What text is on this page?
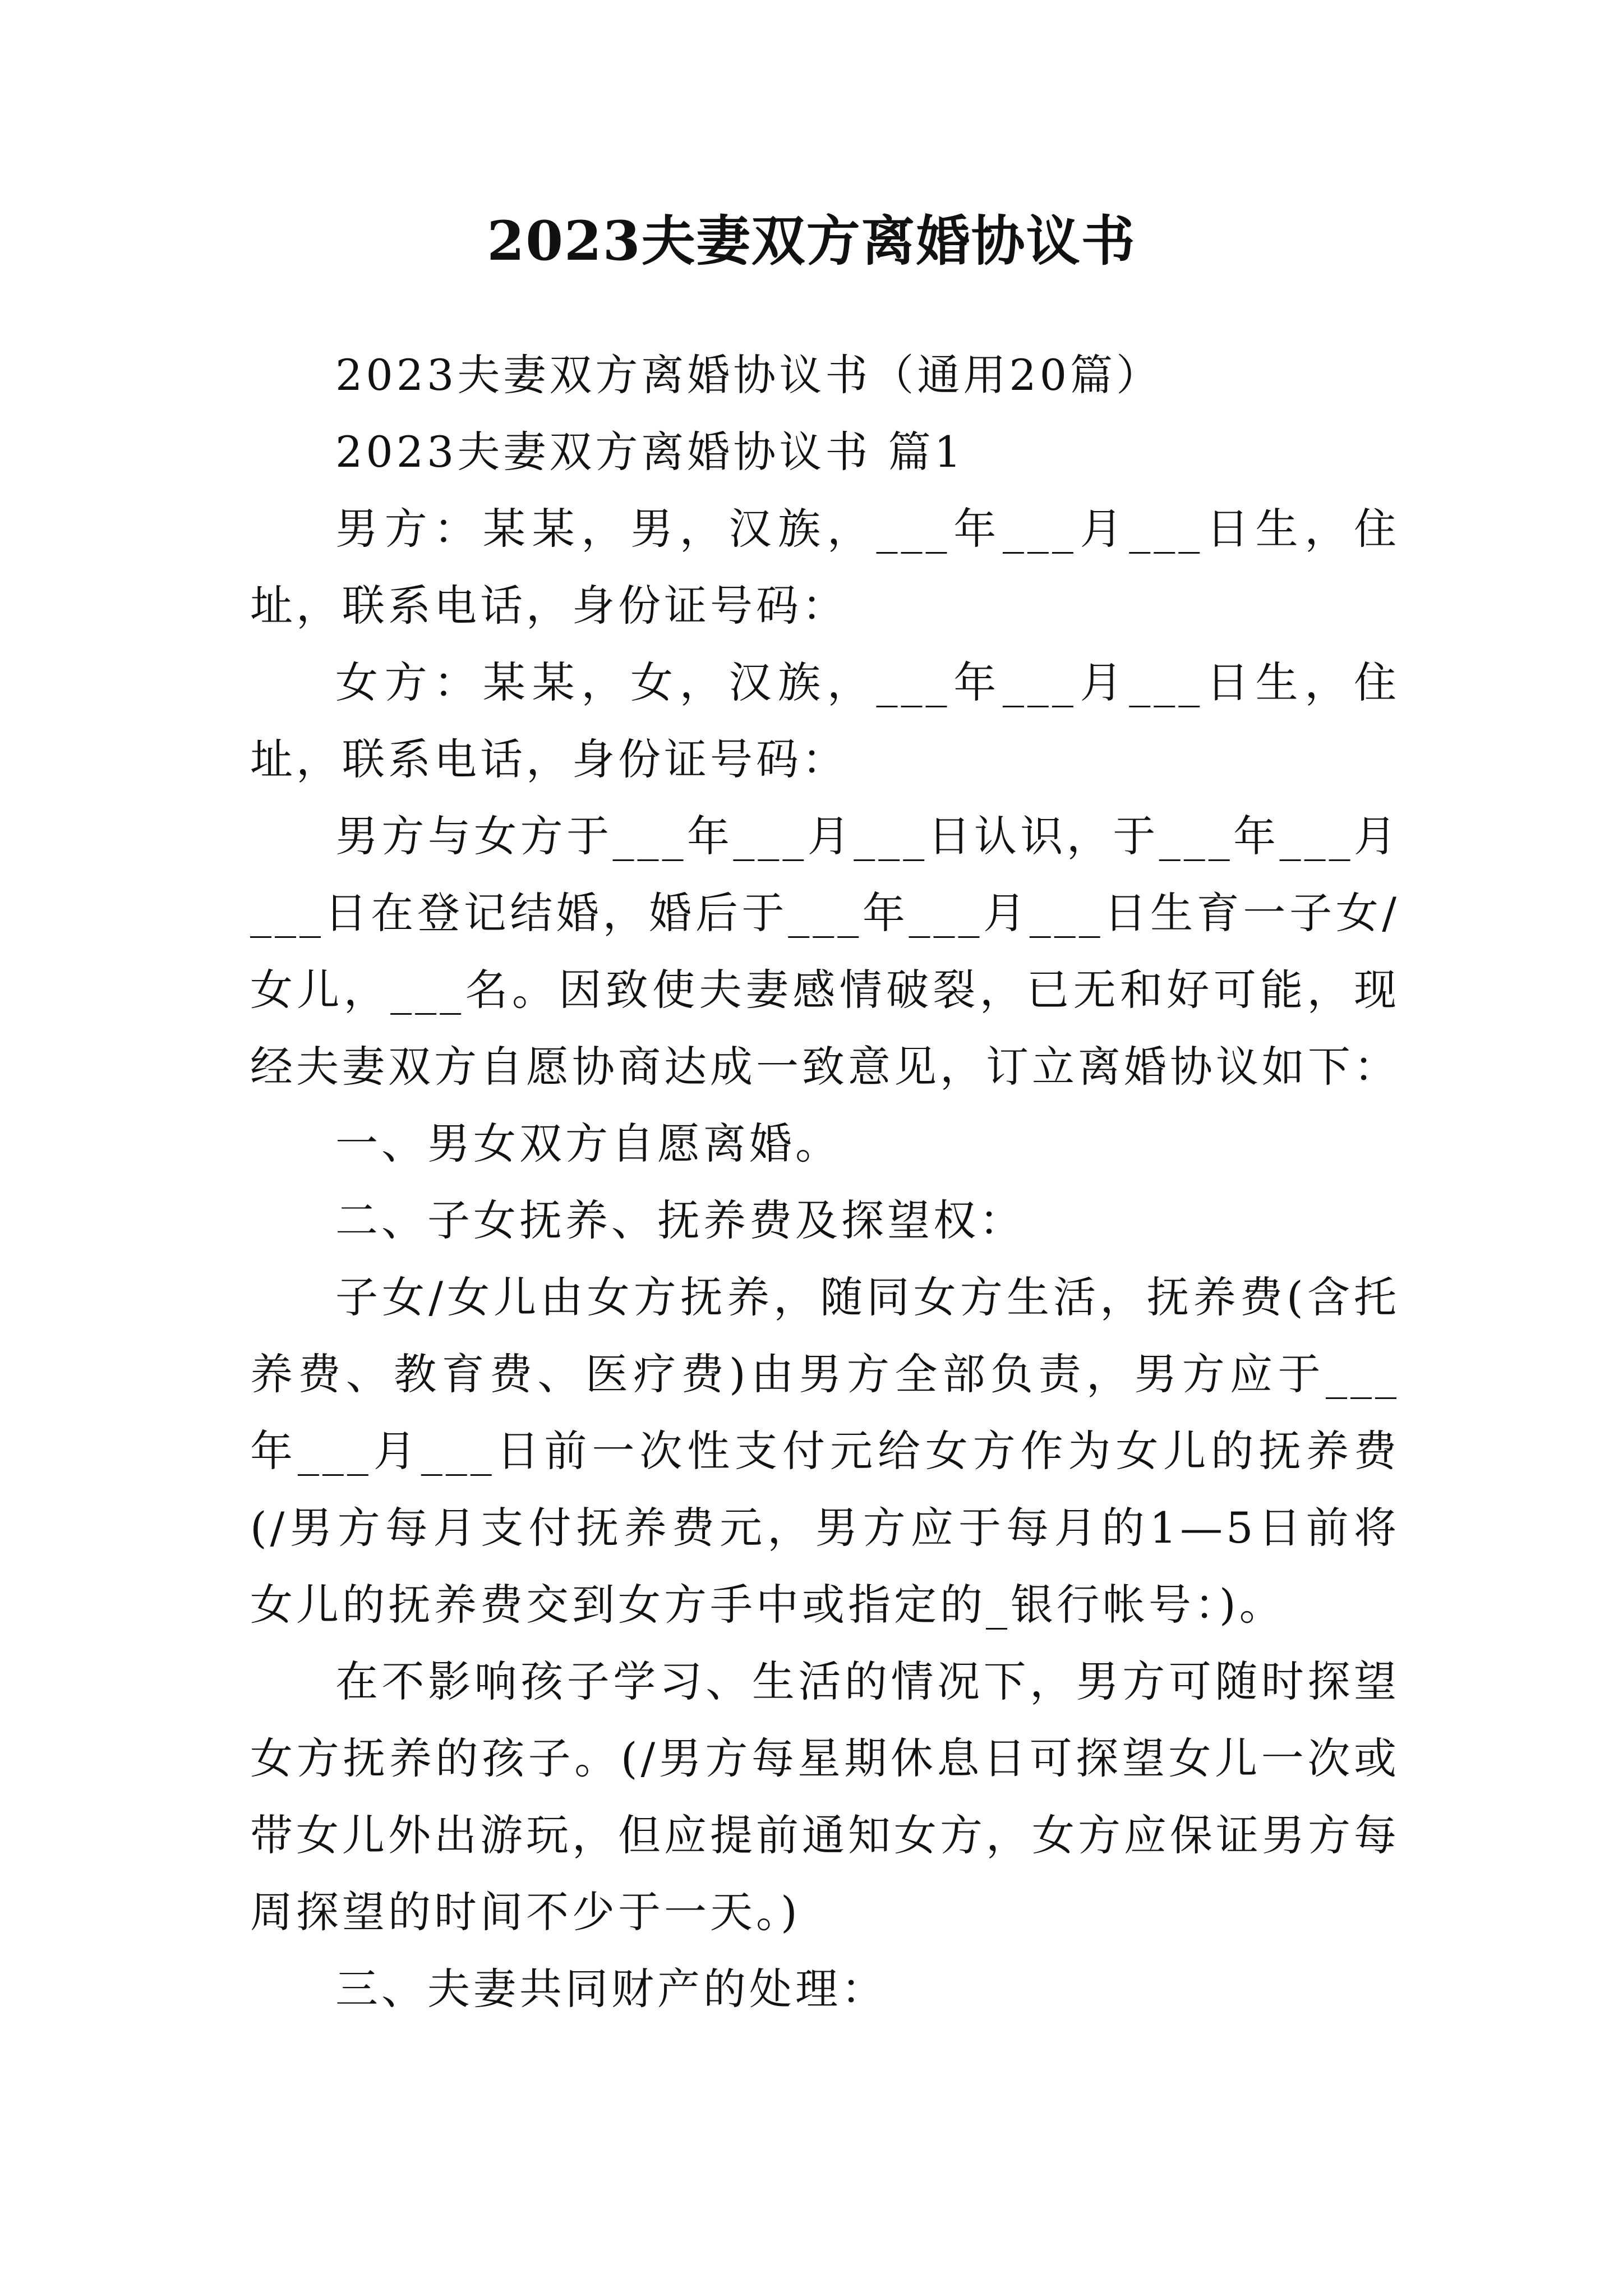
2023夫妻双方离婚协议书

2023夫妻双方离婚协议书（通用20篇）

2023夫妻双方离婚协议书 篇1

男方：某某，男，汉族，___年___月___日生，住址，联系电话，身份证号码：

女方：某某，女，汉族，___年___月___日生，住址，联系电话，身份证号码：

男方与女方于___年___月___日认识，于___年___月___日在登记结婚，婚后于___年___月___日生育一子女/女儿，___名。因致使夫妻感情破裂，已无和好可能，现经夫妻双方自愿协商达成一致意见，订立离婚协议如下：

一、男女双方自愿离婚。

二、子女抚养、抚养费及探望权：

子女/女儿由女方抚养，随同女方生活，抚养费(含托养费、教育费、医疗费)由男方全部负责，男方应于___年___月___日前一次性支付元给女方作为女儿的抚养费(/男方每月支付抚养费元，男方应于每月的1—5日前将女儿的抚养费交到女方手中或指定的_银行帐号：)。

在不影响孩子学习、生活的情况下，男方可随时探望女方抚养的孩子。(/男方每星期休息日可探望女儿一次或带女儿外出游玩，但应提前通知女方，女方应保证男方每周探望的时间不少于一天。)

三、夫妻共同财产的处理：
